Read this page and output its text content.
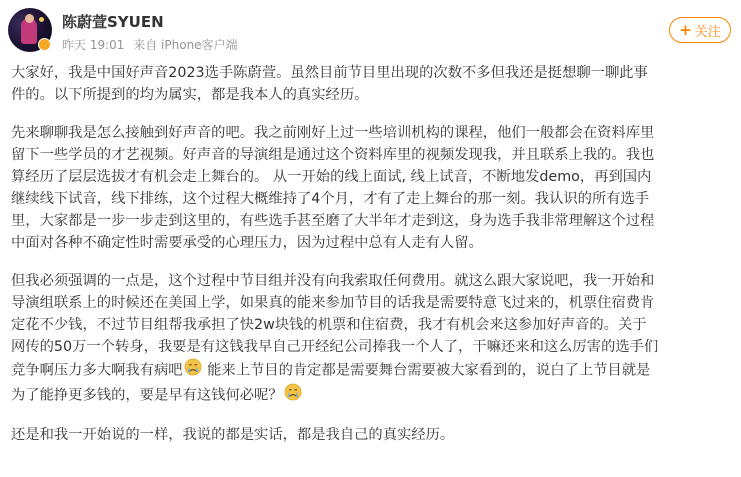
陈蔚萱SYUEN
昨天 19:01 来自 iPhone客户端
+ 关注

大家好，我是中国好声音2023选手陈蔚萱。虽然目前节目里出现的次数不多但我还是挺想聊一聊此事
件的。以下所提到的均为属实，都是我本人的真实经历。

先来聊聊我是怎么接触到好声音的吧。我之前刚好上过一些培训机构的课程，他们一般都会在资料库里
留下一些学员的才艺视频。好声音的导演组是通过这个资料库里的视频发现我，并且联系上我的。我也
算经历了层层选拔才有机会走上舞台的。 从一开始的线上面试, 线上试音，不断地发demo，再到国内
继续线下试音，线下排练，这个过程大概维持了4个月，才有了走上舞台的那一刻。我认识的所有选手
里，大家都是一步一步走到这里的，有些选手甚至磨了大半年才走到这，身为选手我非常理解这个过程
中面对各种不确定性时需要承受的心理压力，因为过程中总有人走有人留。

但我必须强调的一点是，这个过程中节目组并没有向我索取任何费用。就这么跟大家说吧，我一开始和
导演组联系上的时候还在美国上学，如果真的能来参加节目的话我是需要特意飞过来的，机票住宿费肯
定花不少钱，不过节目组帮我承担了快2w块钱的机票和住宿费，我才有机会来这参加好声音的。关于
网传的50万一个转身，我要是有这钱我早自己开经纪公司捧我一个人了，干嘛还来和这么厉害的选手们
竞争啊压力多大啊我有病吧 能来上节目的肯定都是需要舞台需要被大家看到的，说白了上节目就是
为了能挣更多钱的，要是早有这钱何必呢？

还是和我一开始说的一样，我说的都是实话，都是我自己的真实经历。
